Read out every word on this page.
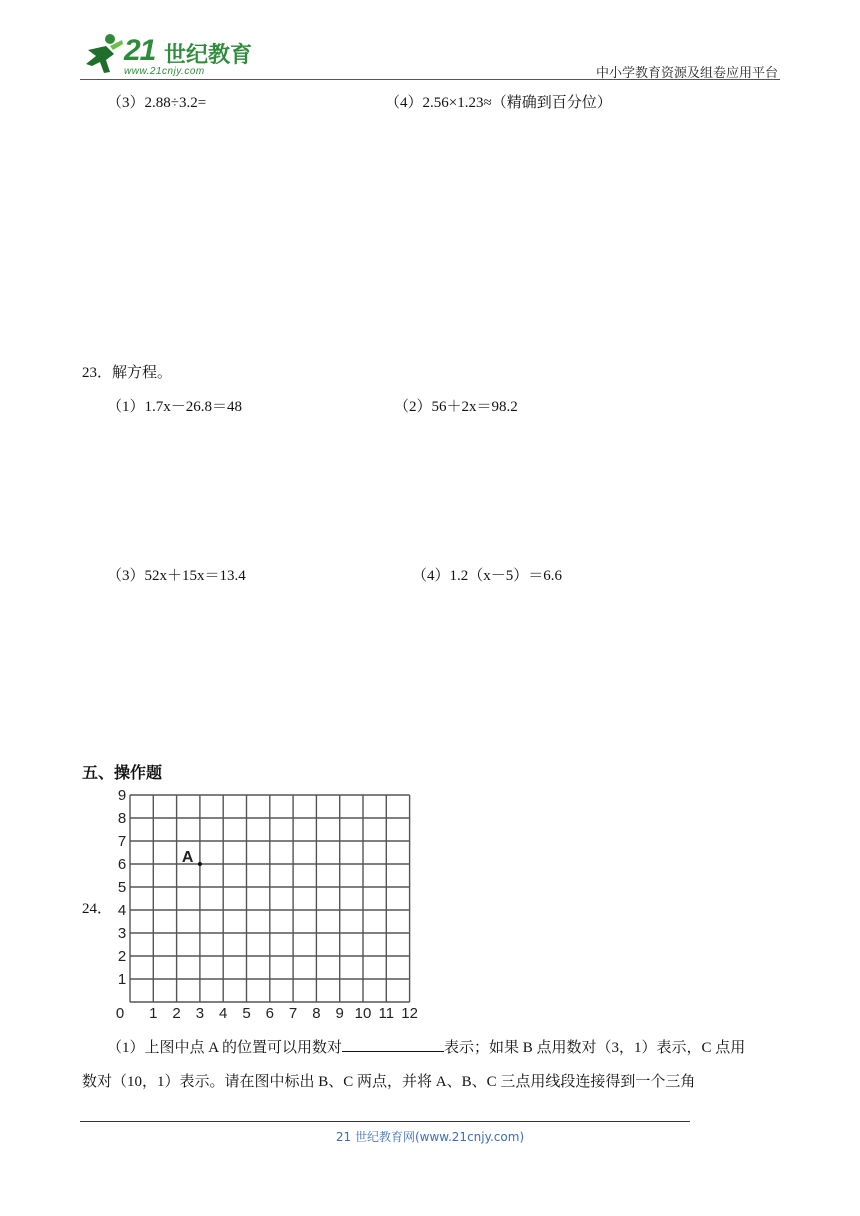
21 世纪教育
www.21cnjy.com	中小学教育资源及组卷应用平台
（3）2.88÷3.2=	（4）2.56×1.23≈（精确到百分位）
23．解方程。
（1）1.7x－26.8＝48	（2）56＋2x＝98.2
（3）52x＋15x＝13.4	（4）1.2（x－5）＝6.6
五、操作题
24．
0 1 2 3 4 5 6 7 8 9 10 11 12
1
2
3
4
5
6
7
8
9
A
（1）上图中点 A 的位置可以用数对	表示；如果 B 点用数对（3，1）表示，C 点用
数对（10，1）表示。请在图中标出 B、C 两点，并将 A、B、C 三点用线段连接得到一个三角
21 世纪教育网(www.21cnjy.com)
